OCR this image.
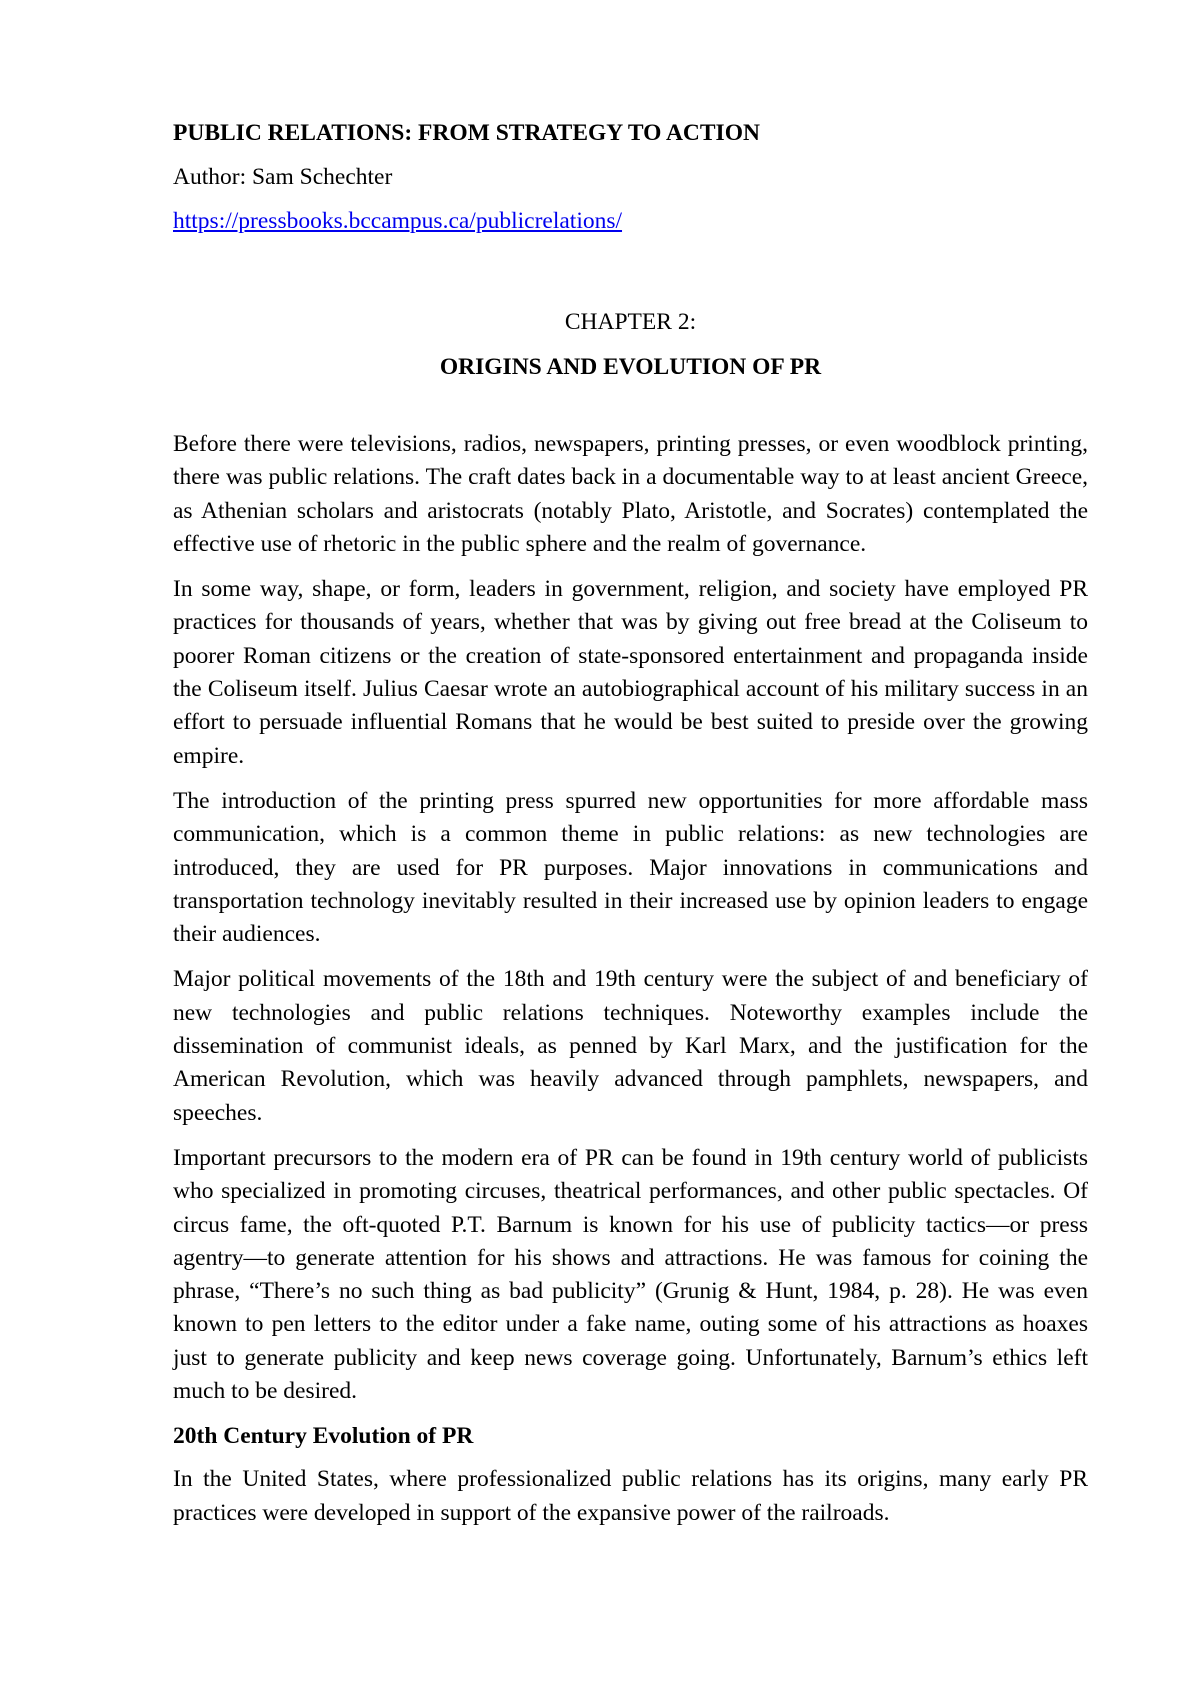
PUBLIC RELATIONS: FROM STRATEGY TO ACTION

Author: Sam Schechter

https://pressbooks.bccampus.ca/publicrelations/

CHAPTER 2:

ORIGINS AND EVOLUTION OF PR

Before there were televisions, radios, newspapers, printing presses, or even woodblock printing, there was public relations. The craft dates back in a documentable way to at least ancient Greece, as Athenian scholars and aristocrats (notably Plato, Aristotle, and Socrates) contemplated the effective use of rhetoric in the public sphere and the realm of governance.

In some way, shape, or form, leaders in government, religion, and society have employed PR practices for thousands of years, whether that was by giving out free bread at the Coliseum to poorer Roman citizens or the creation of state-sponsored entertainment and propaganda inside the Coliseum itself. Julius Caesar wrote an autobiographical account of his military success in an effort to persuade influential Romans that he would be best suited to preside over the growing empire.

The introduction of the printing press spurred new opportunities for more affordable mass communication, which is a common theme in public relations: as new technologies are introduced, they are used for PR purposes. Major innovations in communications and transportation technology inevitably resulted in their increased use by opinion leaders to engage their audiences.

Major political movements of the 18th and 19th century were the subject of and beneficiary of new technologies and public relations techniques. Noteworthy examples include the dissemination of communist ideals, as penned by Karl Marx, and the justification for the American Revolution, which was heavily advanced through pamphlets, newspapers, and speeches.

Important precursors to the modern era of PR can be found in 19th century world of publicists who specialized in promoting circuses, theatrical performances, and other public spectacles. Of circus fame, the oft-quoted P.T. Barnum is known for his use of publicity tactics—or press agentry—to generate attention for his shows and attractions. He was famous for coining the phrase, “There’s no such thing as bad publicity” (Grunig & Hunt, 1984, p. 28). He was even known to pen letters to the editor under a fake name, outing some of his attractions as hoaxes just to generate publicity and keep news coverage going. Unfortunately, Barnum’s ethics left much to be desired.

20th Century Evolution of PR

In the United States, where professionalized public relations has its origins, many early PR practices were developed in support of the expansive power of the railroads.
